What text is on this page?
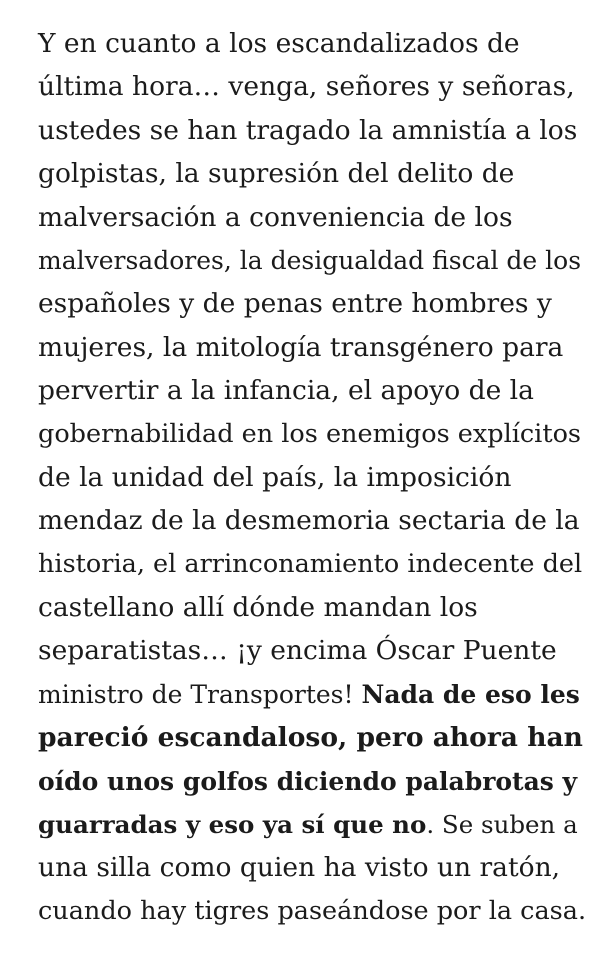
Y en cuanto a los escandalizados de
última hora… venga, señores y señoras,
ustedes se han tragado la amnistía a los
golpistas, la supresión del delito de
malversación a conveniencia de los
malversadores, la desigualdad fiscal de los
españoles y de penas entre hombres y
mujeres, la mitología transgénero para
pervertir a la infancia, el apoyo de la
gobernabilidad en los enemigos explícitos
de la unidad del país, la imposición
mendaz de la desmemoria sectaria de la
historia, el arrinconamiento indecente del
castellano allí dónde mandan los
separatistas… ¡y encima Óscar Puente
ministro de Transportes! Nada de eso les
pareció escandaloso, pero ahora han
oído unos golfos diciendo palabrotas y
guarradas y eso ya sí que no. Se suben a
una silla como quien ha visto un ratón,
cuando hay tigres paseándose por la casa.
